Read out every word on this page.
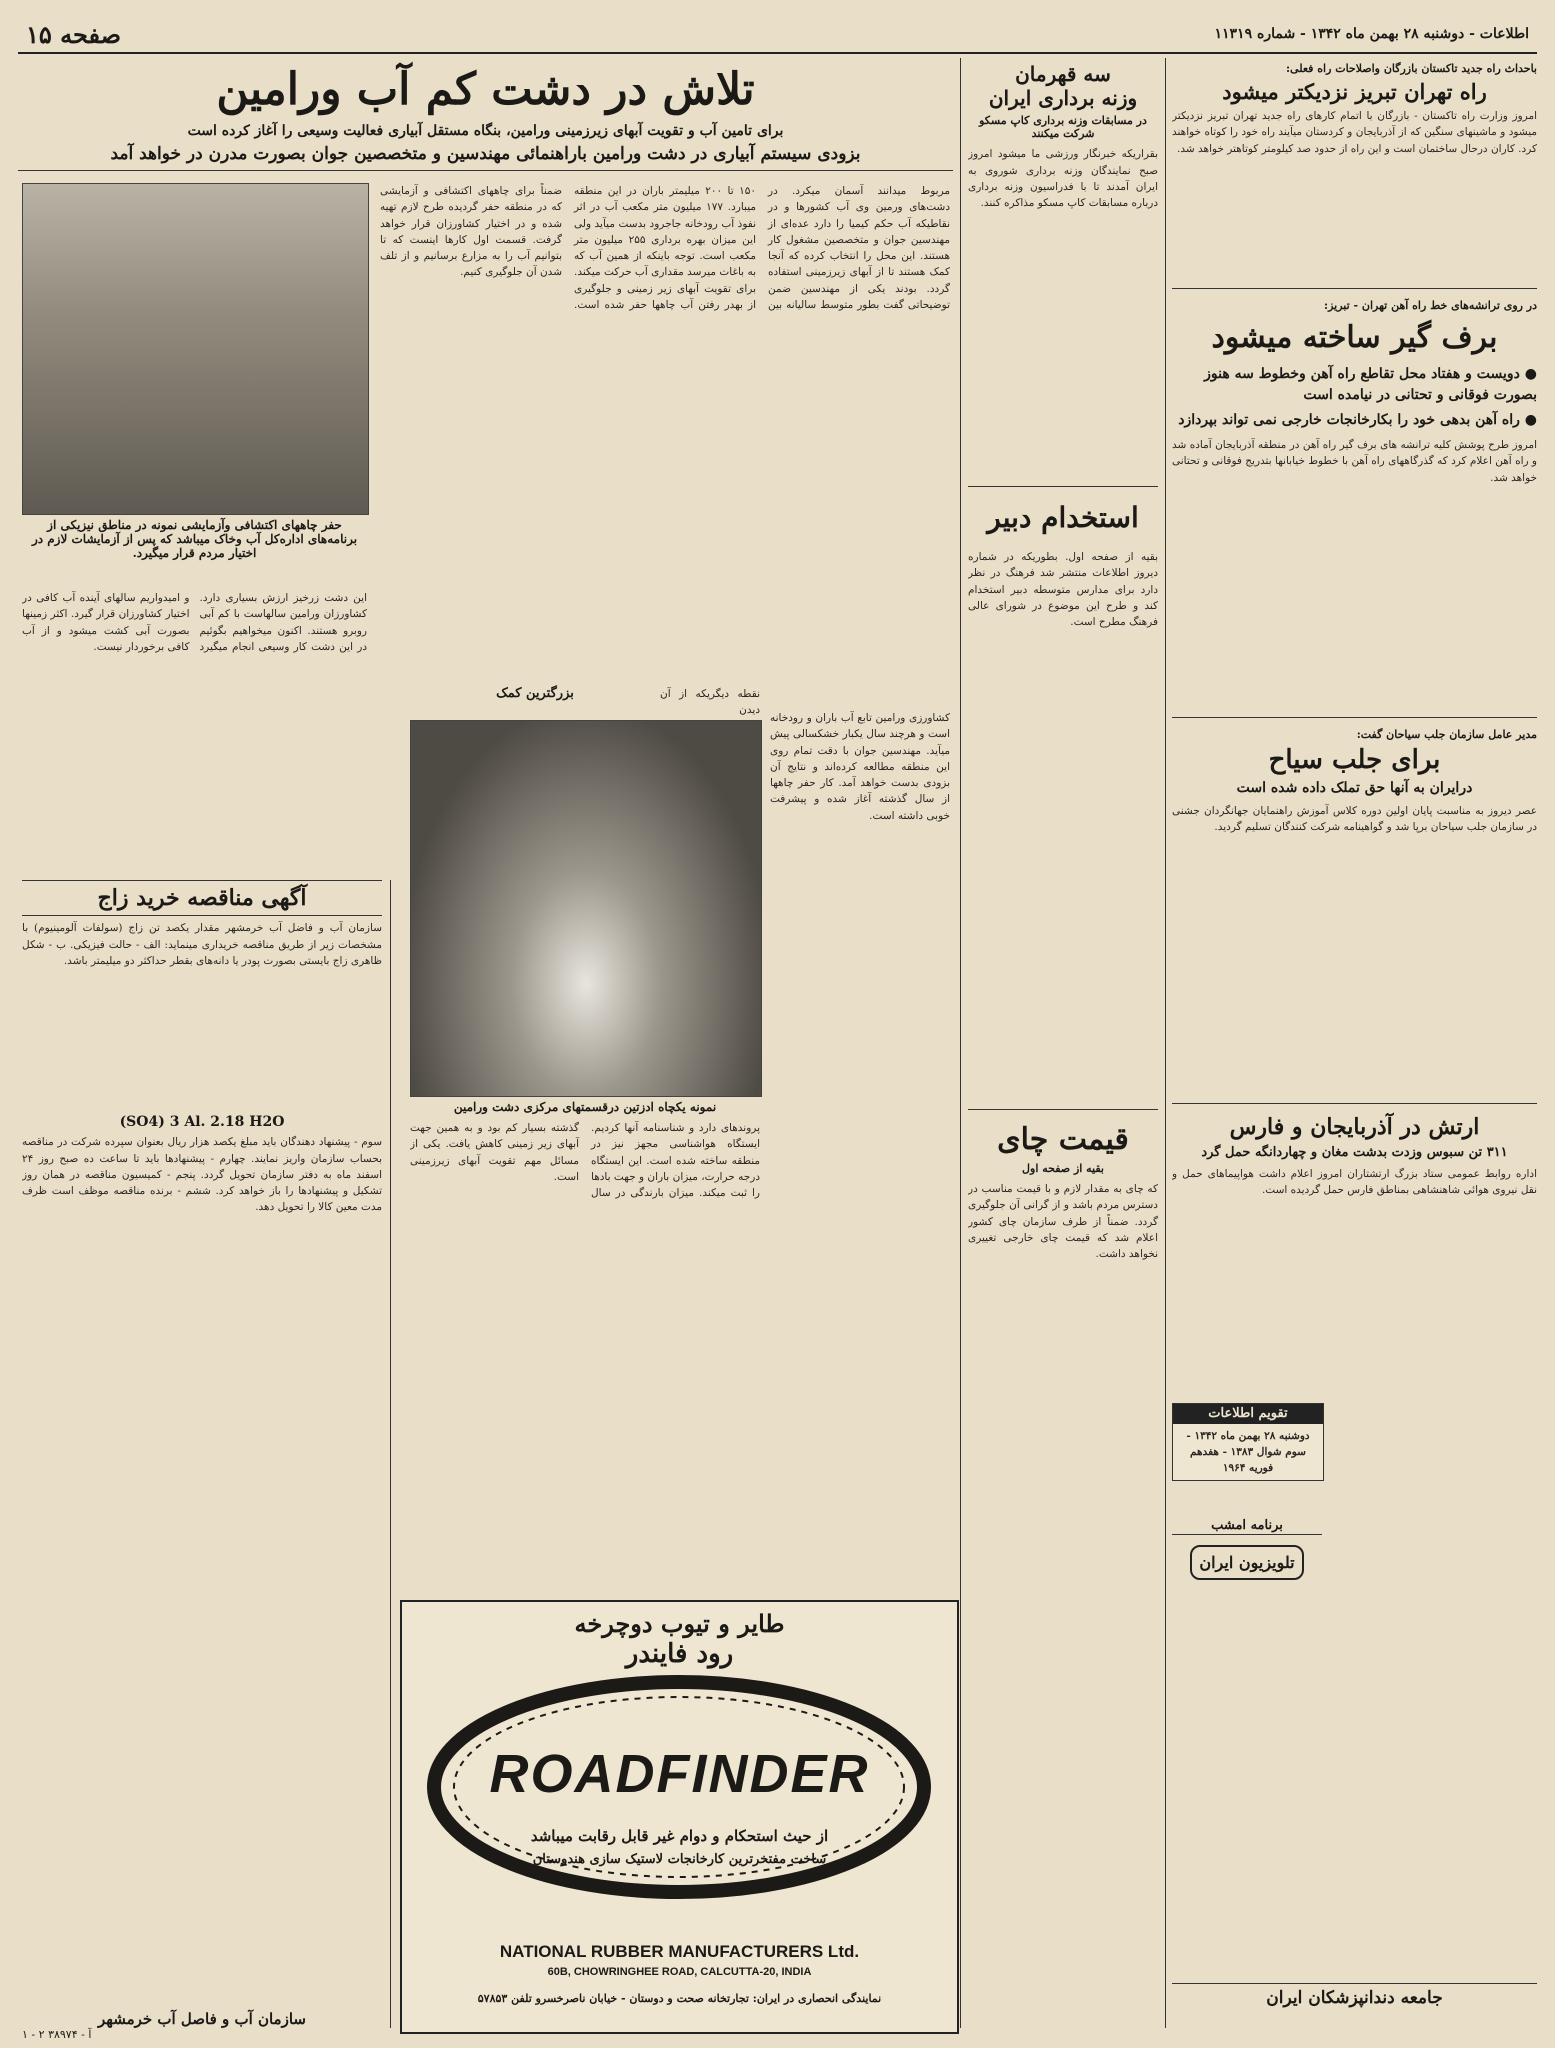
اطلاعات - دوشنبه ۲۸ بهمن ماه ۱۳۴۲ - شماره ۱۱۳۱۹
صفحه ۱۵
باحداث راه جدید تاکستان بازرگان واصلاحات راه فعلی:
راه تهران تبریز نزدیکتر میشود
امروز وزارت راه تاکستان - بازرگان با اتمام کارهای راه جدید تهران تبریز نزدیکتر میشود و ماشینهای سنگین که از آذربایجان و کردستان میآیند راه خود را کوتاه خواهند کرد. کاران درحال ساختمان است و این راه از حدود صد کیلومتر کوتاهتر خواهد شد.
در روی ترانشه‌های خط راه آهن تهران - تبریز:
برف گیر ساخته میشود
● دویست و هفتاد محل تقاطع راه آهن وخطوط سه هنوز بصورت فوقانی و تحتانی در نیامده است
● راه آهن بدهی خود را بکارخانجات خارجی نمی تواند بپردازد
امروز طرح پوشش کلیه ترانشه های برف گیر راه آهن در منطقه آذربایجان آماده شد و راه آهن اعلام کرد که گذرگاههای راه آهن با خطوط خیابانها بتدریج فوقانی و تحتانی خواهد شد.
مدیر عامل سازمان جلب سیاحان گفت:
برای جلب سیاح
درایران به آنها حق تملک داده شده است
عصر دیروز به مناسبت پایان اولین دوره کلاس آموزش راهنمایان جهانگردان جشنی در سازمان جلب سیاحان برپا شد و گواهینامه شرکت کنندگان تسلیم گردید.
ارتش در آذربایجان و فارس
۳۱۱ تن سبوس وزدت بدشت مغان و چهاردانگه حمل گرد
اداره روابط عمومی ستاد بزرگ ارتشتاران امروز اعلام داشت هواپیماهای حمل و نقل نیروی هوائی شاهنشاهی بمناطق فارس حمل گردیده است.
تقویم اطلاعات
دوشنبه ۲۸ بهمن ماه ۱۳۴۲ - سوم شوال ۱۳۸۳ - هفدهم فوریه ۱۹۶۴
برنامه امشب
تلویزیون ایران
جامعه دندانپزشکان ایران
سه قهرمان
وزنه برداری ایران
در مسابقات وزنه برداری کاپ مسکو شرکت میکنند
بقراریکه خبرنگار ورزشی ما میشود امروز صبح نمایندگان وزنه برداری شوروی به ایران آمدند تا با فدراسیون وزنه برداری درباره مسابقات کاپ مسکو مذاکره کنند.
استخدام دبیر
بقیه از صفحه اول. بطوریکه در شماره دیروز اطلاعات منتشر شد فرهنگ در نظر دارد برای مدارس متوسطه دبیر استخدام کند و طرح این موضوع در شورای عالی فرهنگ مطرح است.
قیمت چای
بقیه از صفحه اول
که چای به مقدار لازم و با قیمت مناسب در دسترس مردم باشد و از گرانی آن جلوگیری گردد. ضمناً از طرف سازمان چای کشور اعلام شد که قیمت چای خارجی تغییری نخواهد داشت.
تلاش در دشت کم آب ورامین
برای تامین آب و تقویت آبهای زیرزمینی ورامین، بنگاه مستقل آبیاری فعالیت وسیعی را آغاز کرده است
بزودی سیستم آبیاری در دشت ورامین باراهنمائی مهندسین و متخصصین جوان بصورت مدرن در خواهد آمد
حفر چاههای اکتشافی وآزمایشی نمونه در مناطق نیزیکی از برنامه‌های اداره‌کل آب وخاک میباشد که پس از آزمایشات لازم در اختیار مردم قرار میگیرد.
مربوط میدانند آسمان میکرد. در دشت‌های ورمین وی آب کشورها و در نقاطیکه آب حکم کیمیا را دارد عده‌ای از مهندسین جوان و متخصصین مشغول کار هستند. این محل را انتخاب کرده که آنجا کمک هستند تا از آبهای زیرزمینی استفاده گردد. بودند یکی از مهندسین ضمن توضیحاتی گفت بطور متوسط سالیانه بین ۱۵۰ تا ۲۰۰ میلیمتر باران در این منطقه میبارد. ۱۷۷ میلیون متر مکعب آب در اثر نفوذ آب رودخانه جاجرود بدست میآید ولی این میزان بهره برداری ۲۵۵ میلیون متر مکعب است. توجه باینکه از همین آب که به باغات میرسد مقداری آب حرکت میکند. برای تقویت آبهای زیر زمینی و جلوگیری از بهدر رفتن آب چاهها حفر شده است. ضمناً برای چاههای اکتشافی و آزمایشی که در منطقه حفر گردیده طرح لازم تهیه شده و در اختیار کشاورزان قرار خواهد گرفت. قسمت اول کارها اینست که تا بتوانیم آب را به مزارع برسانیم و از تلف شدن آن جلوگیری کنیم.
این دشت زرخیز ارزش بسیاری دارد. کشاورزان ورامین سالهاست با کم آبی روبرو هستند. اکنون میخواهیم بگوئیم در این دشت کار وسیعی انجام میگیرد و امیدواریم سالهای آینده آب کافی در اختیار کشاورزان قرار گیرد. اکثر زمینها بصورت آبی کشت میشود و از آب کافی برخوردار نیست.
نمونه یکچاه ادزتین درقسمتهای مرکزی دشت ورامین
بزرگترین کمک	نقطه دیگریکه از آن دیدن
کشاورزی ورامین تابع آب باران و رودخانه است و هرچند سال یکبار خشکسالی پیش میآید. مهندسین جوان با دقت تمام روی این منطقه مطالعه کرده‌اند و نتایج آن بزودی بدست خواهد آمد. کار حفر چاهها از سال گذشته آغاز شده و پیشرفت خوبی داشته است.
پروندهای دارد و شناسنامه آنها کردیم. ایستگاه هواشناسی مجهز نیز در منطقه ساخته شده است. این ایستگاه درجه حرارت، میزان باران و جهت بادها را ثبت میکند. میزان بارندگی در سال گذشته بسیار کم بود و به همین جهت آبهای زیر زمینی کاهش یافت. یکی از مسائل مهم تقویت آبهای زیرزمینی است.
آگهی مناقصه خرید زاج
سازمان آب و فاضل آب خرمشهر مقدار یکصد تن زاج (سولفات آلومینیوم) با مشخصات زیر از طریق مناقصه خریداری مینماید: الف - حالت فیزیکی. ب - شکل ظاهری زاج بایستی بصورت پودر یا دانه‌های بقطر حداکثر دو میلیمتر باشد.
(SO4) 3 Al. 2.18 H2O
سوم - پیشنهاد دهندگان باید مبلغ یکصد هزار ریال بعنوان سپرده شرکت در مناقصه بحساب سازمان واریز نمایند. چهارم - پیشنهادها باید تا ساعت ده صبح روز ۲۴ اسفند ماه به دفتر سازمان تحویل گردد. پنجم - کمیسیون مناقصه در همان روز تشکیل و پیشنهادها را باز خواهد کرد. ششم - برنده مناقصه موظف است ظرف مدت معین کالا را تحویل دهد.
سازمان آب و فاصل آب خرمشهر
آ - ۳۸۹۷۴ ۲ - ۱
طایر و تیوب دوچرخه
رود فایندر
ROADFINDER
از حیث استحکام و دوام غیر قابل رقابت میباشد
ساخت مفتخرترین کارخانجات لاستیک سازی هندوستان
NATIONAL RUBBER MANUFACTURERS Ltd.
60B, CHOWRINGHEE ROAD, CALCUTTA-20, INDIA
نمایندگی انحصاری در ایران: تجارتخانه صحت و دوستان - خیابان ناصرخسرو تلفن ۵۷۸۵۳
